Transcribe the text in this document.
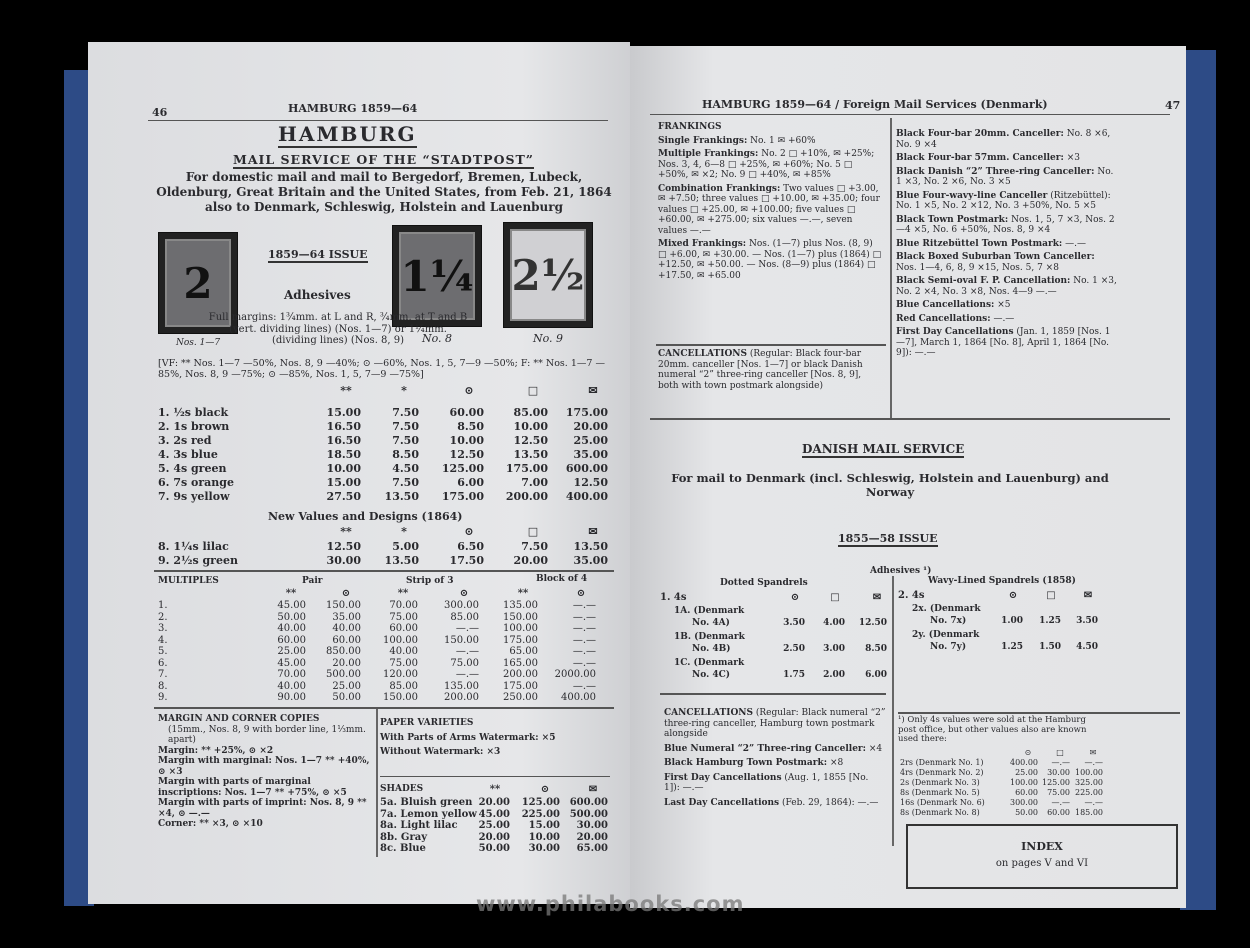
46	HAMBURG 1859—64
HAMBURG
MAIL SERVICE OF THE “STADTPOST”
For domestic mail and mail to Bergedorf, Bremen, Lubeck, Oldenburg, Great Britain and the United States, from Feb. 21, 1864 also to Denmark, Schleswig, Holstein and Lauenburg
2
Nos. 1—7
1¼
No. 8
2½
No. 9
1859—64 ISSUE
Adhesives
Full margins: 1¾mm. at L and R, ¾mm. at T and B (vert. dividing lines) (Nos. 1—7) or 1¼mm. (dividing lines) (Nos. 8, 9)
[VF: ** Nos. 1—7 —50%, Nos. 8, 9 —40%; ⊙ —60%, Nos. 1, 5, 7—9 —50%; F: ** Nos. 1—7 —85%, Nos. 8, 9 —75%; ⊙ —85%, Nos. 1, 5, 7—9 —75%]
**	*	⊙	□	✉
1. ½s black	15.00	7.50	60.00	85.00	175.00
2. 1s brown	16.50	7.50	8.50	10.00	20.00
3. 2s red	16.50	7.50	10.00	12.50	25.00
4. 3s blue	18.50	8.50	12.50	13.50	35.00
5. 4s green	10.00	4.50	125.00	175.00	600.00
6. 7s orange	15.00	7.50	6.00	7.00	12.50
7. 9s yellow	27.50	13.50	175.00	200.00	400.00
New Values and Designs (1864)
**	*	⊙	□	✉
8. 1¼s lilac	12.50	5.00	6.50	7.50	13.50
9. 2½s green	30.00	13.50	17.50	20.00	35.00
MULTIPLES	Pair	Strip of 3	Block of 4
**	⊙	**	⊙	**	⊙
1.	45.00	150.00	70.00	300.00	135.00	—.—
2.	50.00	35.00	75.00	85.00	150.00	—.—
3.	40.00	40.00	60.00	—.—	100.00	—.—
4.	60.00	60.00	100.00	150.00	175.00	—.—
5.	25.00	850.00	40.00	—.—	65.00	—.—
6.	45.00	20.00	75.00	75.00	165.00	—.—
7.	70.00	500.00	120.00	—.—	200.00	2000.00
8.	40.00	25.00	85.00	135.00	175.00	—.—
9.	90.00	50.00	150.00	200.00	250.00	400.00
MARGIN AND CORNER COPIES
(15mm., Nos. 8, 9 with border line, 1⅓mm. apart)
Margin: ** +25%, ⊙ ×2
Margin with marginal: Nos. 1—7 ** +40%, ⊙ ×3
Margin with parts of marginal inscriptions: Nos. 1—7 ** +75%, ⊙ ×5
Margin with parts of imprint: Nos. 8, 9 ** ×4, ⊙ —.—
Corner: ** ×3, ⊙ ×10
PAPER VARIETIES
With Parts of Arms Watermark: ×5
Without Watermark: ×3
SHADES	**	⊙	✉
5a. Bluish green 20.00	125.00 600.00
7a. Lemon yellow 45.00	225.00 500.00
8a. Light lilac	25.00	15.00	30.00
8b. Gray	20.00	10.00	20.00
8c. Blue	50.00	30.00	65.00
HAMBURG 1859—64 / Foreign Mail Services (Denmark)	47
FRANKINGS
Single Frankings: No. 1 ✉ +60%
Multiple Frankings: No. 2 □ +10%, ✉ +25%; Nos. 3, 4, 6—8 □ +25%, ✉ +60%; No. 5 □ +50%, ✉ ×2; No. 9 □ +40%, ✉ +85%
Combination Frankings: Two values □ +3.00, ✉ +7.50; three values □ +10.00, ✉ +35.00; four values □ +25.00, ✉ +100.00; five values □ +60.00, ✉ +275.00; six values —.—, seven values —.—
Mixed Frankings: Nos. (1—7) plus Nos. (8, 9) □ +6.00, ✉ +30.00. — Nos. (1—7) plus (1864) □ +12.50, ✉ +50.00. — Nos. (8—9) plus (1864) □ +17.50, ✉ +65.00
CANCELLATIONS (Regular: Black four-bar 20mm. canceller [Nos. 1—7] or black Danish numeral “2” three-ring canceller [Nos. 8, 9], both with town postmark alongside)
Black Four-bar 20mm. Canceller: No. 8 ×6, No. 9 ×4
Black Four-bar 57mm. Canceller: ×3
Black Danish “2” Three-ring Canceller: No. 1 ×3, No. 2 ×6, No. 3 ×5
Blue Four-wavy-line Canceller (Ritzebüttel): No. 1 ×5, No. 2 ×12, No. 3 +50%, No. 5 ×5
Black Town Postmark: Nos. 1, 5, 7 ×3, Nos. 2—4 ×5, No. 6 +50%, Nos. 8, 9 ×4
Blue Ritzebüttel Town Postmark: —.—
Black Boxed Suburban Town Canceller: Nos. 1—4, 6, 8, 9 ×15, Nos. 5, 7 ×8
Black Semi-oval F. P. Cancellation: No. 1 ×3, No. 2 ×4, No. 3 ×8, Nos. 4—9 —.—
Blue Cancellations: ×5
Red Cancellations: —.—
First Day Cancellations (Jan. 1, 1859 [Nos. 1—7], March 1, 1864 [No. 8], April 1, 1864 [No. 9]): —.—
DANISH MAIL SERVICE
For mail to Denmark (incl. Schleswig, Holstein and Lauenburg) and Norway
1855—58 ISSUE
Adhesives ¹)
Dotted Spandrels
1. 4s	⊙	□	✉
1A. (Denmark
No. 4A)	3.50	4.00	12.50
1B. (Denmark
No. 4B)	2.50	3.00	8.50
1C. (Denmark
No. 4C)	1.75	2.00	6.00
Wavy-Lined Spandrels (1858)
2. 4s	⊙	□	✉
2x. (Denmark
No. 7x)	1.00	1.25	3.50
2y. (Denmark
No. 7y)	1.25	1.50	4.50
¹) Only 4s values were sold at the Hamburg post office, but other values also are known used there:
⊙	□	✉
2rs (Denmark No. 1)	400.00	—.—	—.—
4rs (Denmark No. 2)	25.00	30.00 100.00
2s (Denmark No. 3)	100.00 125.00 325.00
8s (Denmark No. 5)	60.00	75.00 225.00
16s (Denmark No. 6)	300.00	—.—	—.—
8s (Denmark No. 8)	50.00	60.00 185.00
CANCELLATIONS (Regular: Black numeral “2” three-ring canceller, Hamburg town postmark alongside
Blue Numeral “2” Three-ring Canceller: ×4
Black Hamburg Town Postmark: ×8
First Day Cancellations (Aug. 1, 1855 [No. 1]): —.—
Last Day Cancellations (Feb. 29, 1864): —.—
INDEX
on pages V and VI
www.philabooks.com
